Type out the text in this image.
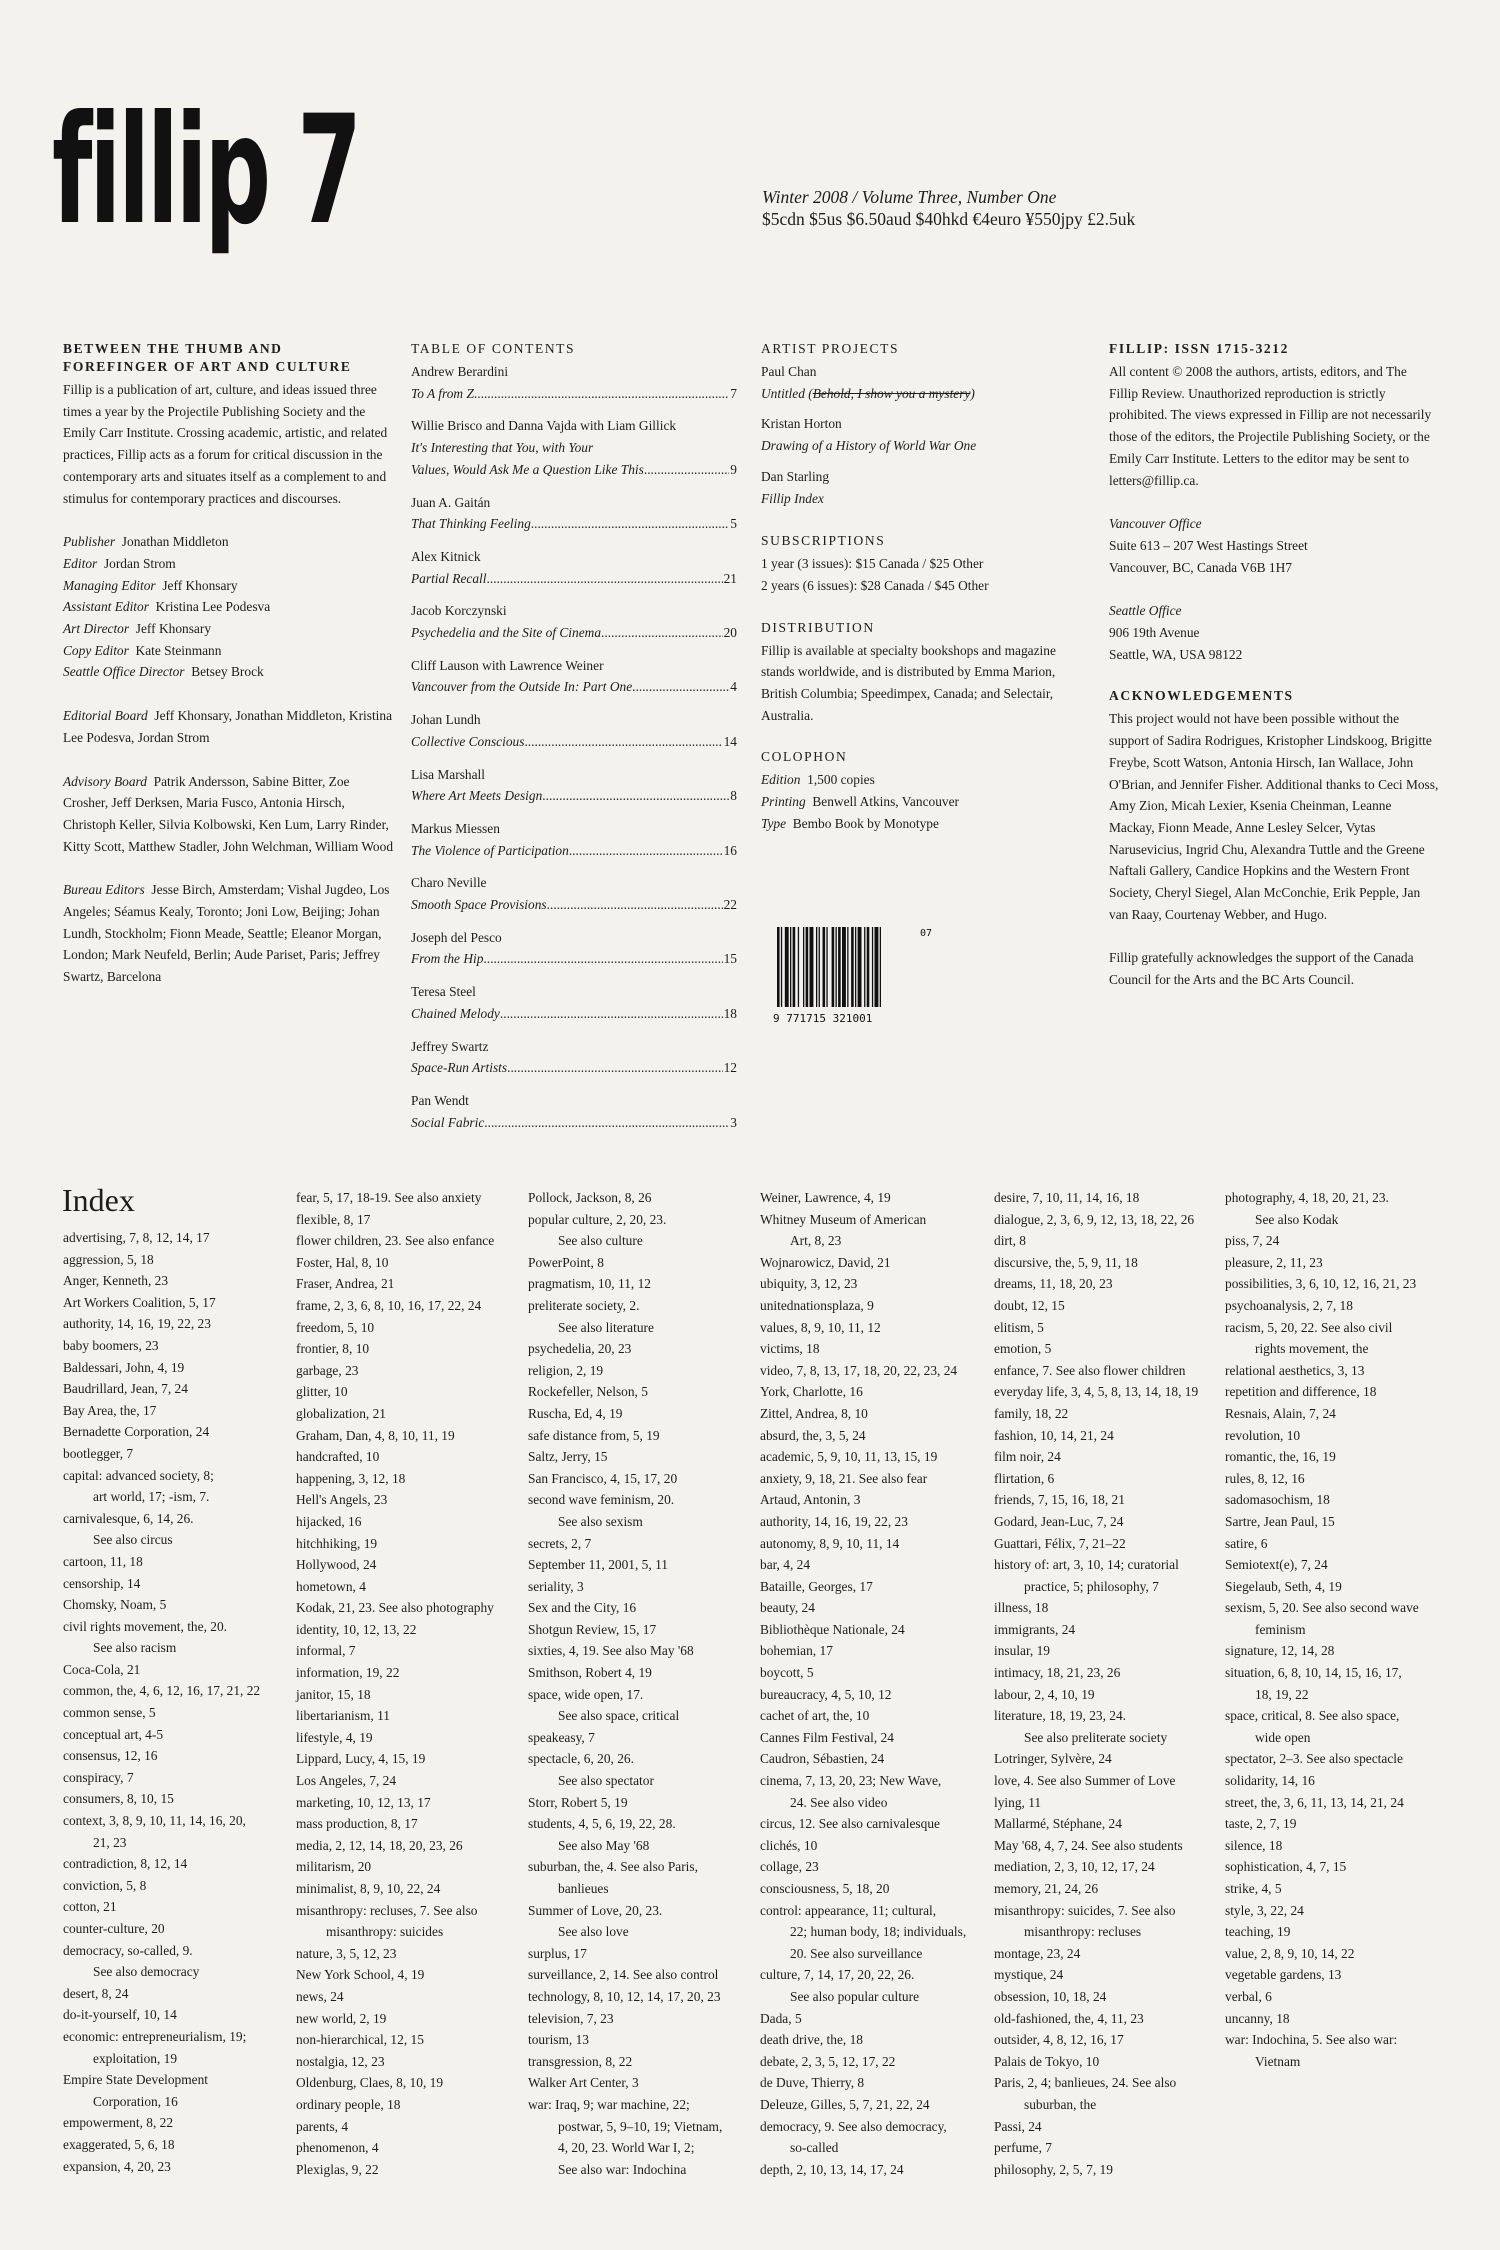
fillip 7	Winter 2008 / Volume Three, Number One
$5cdn $5us $6.50aud $40hkd €4euro ¥550jpy £2.5uk
BETWEEN THE THUMB AND
FOREFINGER OF ART AND CULTURE

Fillip is a publication of art, culture, and ideas issued three times a year by the Projectile Publishing Society and the Emily Carr Institute. Crossing academic, artistic, and related practices, Fillip acts as a forum for critical discussion in the contemporary arts and situates itself as a complement to and stimulus for contemporary practices and discourses.

Publisher Jonathan Middleton

Editor Jordan Strom

Managing Editor Jeff Khonsary

Assistant Editor Kristina Lee Podesva

Art Director Jeff Khonsary

Copy Editor Kate Steinmann

Seattle Office Director Betsey Brock

Editorial Board Jeff Khonsary, Jonathan Middleton, Kristina Lee Podesva, Jordan Strom

Advisory Board Patrik Andersson, Sabine Bitter, Zoe Crosher, Jeff Derksen, Maria Fusco, Antonia Hirsch, Christoph Keller, Silvia Kolbowski, Ken Lum, Larry Rinder, Kitty Scott, Matthew Stadler, John Welchman, William Wood

Bureau Editors Jesse Birch, Amsterdam; Vishal Jugdeo, Los Angeles; Séamus Kealy, Toronto; Joni Low, Beijing; Johan Lundh, Stockholm; Fionn Meade, Seattle; Eleanor Morgan, London; Mark Neufeld, Berlin; Aude Pariset, Paris; Jeffrey Swartz, Barcelona

TABLE OF CONTENTS
Andrew Berardini
To A from Z .....	7
Willie Brisco and Danna Vajda with Liam Gillick
It's Interesting that You, with Your
Values, Would Ask Me a Question Like This .....	9
Juan A. Gaitán
That Thinking Feeling .....	5
Alex Kitnick
Partial Recall .....	21
Jacob Korczynski
Psychedelia and the Site of Cinema .....	20
Cliff Lauson with Lawrence Weiner
Vancouver from the Outside In: Part One .....	4
Johan Lundh
Collective Conscious .....	14
Lisa Marshall
Where Art Meets Design .....	8
Markus Miessen
The Violence of Participation .....	16
Charo Neville
Smooth Space Provisions .....	22
Joseph del Pesco
From the Hip .....	15
Teresa Steel
Chained Melody .....	18
Jeffrey Swartz
Space-Run Artists .....	12
Pan Wendt
Social Fabric .....	3
ARTIST PROJECTS
Paul Chan
Untitled (Behold, I show you a mystery)
Kristan Horton
Drawing of a History of World War One
Dan Starling
Fillip Index
SUBSCRIPTIONS

1 year (3 issues): $15 Canada / $25 Other

2 years (6 issues): $28 Canada / $45 Other

DISTRIBUTION

Fillip is available at specialty bookshops and magazine stands worldwide, and is distributed by Emma Marion, British Columbia; Speedimpex, Canada; and Selectair, Australia.

COLOPHON

Edition 1,500 copies

Printing Benwell Atkins, Vancouver

Type Bembo Book by Monotype

9 771715 321001
07
FILLIP: ISSN 1715-3212

All content © 2008 the authors, artists, editors, and The Fillip Review. Unauthorized reproduction is strictly prohibited. The views expressed in Fillip are not necessarily those of the editors, the Projectile Publishing Society, or the Emily Carr Institute. Letters to the editor may be sent to letters@fillip.ca.

Vancouver Office

Suite 613 – 207 West Hastings Street

Vancouver, BC, Canada V6B 1H7

Seattle Office

906 19th Avenue

Seattle, WA, USA 98122

ACKNOWLEDGEMENTS

This project would not have been possible without the support of Sadira Rodrigues, Kristopher Lindskoog, Brigitte Freybe, Scott Watson, Antonia Hirsch, Ian Wallace, John O'Brian, and Jennifer Fisher. Additional thanks to Ceci Moss, Amy Zion, Micah Lexier, Ksenia Cheinman, Leanne Mackay, Fionn Meade, Anne Lesley Selcer, Vytas Naruseviсius, Ingrid Chu, Alexandra Tuttle and the Greene Naftali Gallery, Candice Hopkins and the Western Front Society, Cheryl Siegel, Alan McConchie, Erik Pepple, Jan van Raay, Courtenay Webber, and Hugo.

Fillip gratefully acknowledges the support of the Canada Council for the Arts and the BC Arts Council.

Index
advertising, 7, 8, 12, 14, 17
aggression, 5, 18
Anger, Kenneth, 23
Art Workers Coalition, 5, 17
authority, 14, 16, 19, 22, 23
baby boomers, 23
Baldessari, John, 4, 19
Baudrillard, Jean, 7, 24
Bay Area, the, 17
Bernadette Corporation, 24
bootlegger, 7
capital: advanced society, 8;
art world, 17; -ism, 7.
carnivalesque, 6, 14, 26.
See also circus
cartoon, 11, 18
censorship, 14
Chomsky, Noam, 5
civil rights movement, the, 20.
See also racism
Coca-Cola, 21
common, the, 4, 6, 12, 16, 17, 21, 22
common sense, 5
conceptual art, 4-5
consensus, 12, 16
conspiracy, 7
consumers, 8, 10, 15
context, 3, 8, 9, 10, 11, 14, 16, 20,
21, 23
contradiction, 8, 12, 14
conviction, 5, 8
cotton, 21
counter-culture, 20
democracy, so-called, 9.
See also democracy
desert, 8, 24
do-it-yourself, 10, 14
economic: entrepreneurialism, 19;
exploitation, 19
Empire State Development
Corporation, 16
empowerment, 8, 22
exaggerated, 5, 6, 18
expansion, 4, 20, 23
fear, 5, 17, 18-19. See also anxiety
flexible, 8, 17
flower children, 23. See also enfance
Foster, Hal, 8, 10
Fraser, Andrea, 21
frame, 2, 3, 6, 8, 10, 16, 17, 22, 24
freedom, 5, 10
frontier, 8, 10
garbage, 23
glitter, 10
globalization, 21
Graham, Dan, 4, 8, 10, 11, 19
handcrafted, 10
happening, 3, 12, 18
Hell's Angels, 23
hijacked, 16
hitchhiking, 19
Hollywood, 24
hometown, 4
Kodak, 21, 23. See also photography
identity, 10, 12, 13, 22
informal, 7
information, 19, 22
janitor, 15, 18
libertarianism, 11
lifestyle, 4, 19
Lippard, Lucy, 4, 15, 19
Los Angeles, 7, 24
marketing, 10, 12, 13, 17
mass production, 8, 17
media, 2, 12, 14, 18, 20, 23, 26
militarism, 20
minimalist, 8, 9, 10, 22, 24
misanthropy: recluses, 7. See also
misanthropy: suicides
nature, 3, 5, 12, 23
New York School, 4, 19
news, 24
new world, 2, 19
non-hierarchical, 12, 15
nostalgia, 12, 23
Oldenburg, Claes, 8, 10, 19
ordinary people, 18
parents, 4
phenomenon, 4
Plexiglas, 9, 22
Pollock, Jackson, 8, 26
popular culture, 2, 20, 23.
See also culture
PowerPoint, 8
pragmatism, 10, 11, 12
preliterate society, 2.
See also literature
psychedelia, 20, 23
religion, 2, 19
Rockefeller, Nelson, 5
Ruscha, Ed, 4, 19
safe distance from, 5, 19
Saltz, Jerry, 15
San Francisco, 4, 15, 17, 20
second wave feminism, 20.
See also sexism
secrets, 2, 7
September 11, 2001, 5, 11
seriality, 3
Sex and the City, 16
Shotgun Review, 15, 17
sixties, 4, 19. See also May '68
Smithson, Robert 4, 19
space, wide open, 17.
See also space, critical
speakeasy, 7
spectacle, 6, 20, 26.
See also spectator
Storr, Robert 5, 19
students, 4, 5, 6, 19, 22, 28.
See also May '68
suburban, the, 4. See also Paris,
banlieues
Summer of Love, 20, 23.
See also love
surplus, 17
surveillance, 2, 14. See also control
technology, 8, 10, 12, 14, 17, 20, 23
television, 7, 23
tourism, 13
transgression, 8, 22
Walker Art Center, 3
war: Iraq, 9; war machine, 22;
postwar, 5, 9–10, 19; Vietnam,
4, 20, 23. World War I, 2;
See also war: Indochina
Weiner, Lawrence, 4, 19
Whitney Museum of American
Art, 8, 23
Wojnarowicz, David, 21
ubiquity, 3, 12, 23
unitednationsplaza, 9
values, 8, 9, 10, 11, 12
victims, 18
video, 7, 8, 13, 17, 18, 20, 22, 23, 24
York, Charlotte, 16
Zittel, Andrea, 8, 10
absurd, the, 3, 5, 24
academic, 5, 9, 10, 11, 13, 15, 19
anxiety, 9, 18, 21. See also fear
Artaud, Antonin, 3
authority, 14, 16, 19, 22, 23
autonomy, 8, 9, 10, 11, 14
bar, 4, 24
Bataille, Georges, 17
beauty, 24
Bibliothèque Nationale, 24
bohemian, 17
boycott, 5
bureaucracy, 4, 5, 10, 12
cachet of art, the, 10
Cannes Film Festival, 24
Caudron, Sébastien, 24
cinema, 7, 13, 20, 23; New Wave,
24. See also video
circus, 12. See also carnivalesque
clichés, 10
collage, 23
consciousness, 5, 18, 20
control: appearance, 11; cultural,
22; human body, 18; individuals,
20. See also surveillance
culture, 7, 14, 17, 20, 22, 26.
See also popular culture
Dada, 5
death drive, the, 18
debate, 2, 3, 5, 12, 17, 22
de Duve, Thierry, 8
Deleuze, Gilles, 5, 7, 21, 22, 24
democracy, 9. See also democracy,
so-called
depth, 2, 10, 13, 14, 17, 24
desire, 7, 10, 11, 14, 16, 18
dialogue, 2, 3, 6, 9, 12, 13, 18, 22, 26
dirt, 8
discursive, the, 5, 9, 11, 18
dreams, 11, 18, 20, 23
doubt, 12, 15
elitism, 5
emotion, 5
enfance, 7. See also flower children
everyday life, 3, 4, 5, 8, 13, 14, 18, 19
family, 18, 22
fashion, 10, 14, 21, 24
film noir, 24
flirtation, 6
friends, 7, 15, 16, 18, 21
Godard, Jean-Luc, 7, 24
Guattari, Félix, 7, 21–22
history of: art, 3, 10, 14; curatorial
practice, 5; philosophy, 7
illness, 18
immigrants, 24
insular, 19
intimacy, 18, 21, 23, 26
labour, 2, 4, 10, 19
literature, 18, 19, 23, 24.
See also preliterate society
Lotringer, Sylvère, 24
love, 4. See also Summer of Love
lying, 11
Mallarmé, Stéphane, 24
May '68, 4, 7, 24. See also students
mediation, 2, 3, 10, 12, 17, 24
memory, 21, 24, 26
misanthropy: suicides, 7. See also
misanthropy: recluses
montage, 23, 24
mystique, 24
obsession, 10, 18, 24
old-fashioned, the, 4, 11, 23
outsider, 4, 8, 12, 16, 17
Palais de Tokyo, 10
Paris, 2, 4; banlieues, 24. See also
suburban, the
Passi, 24
perfume, 7
philosophy, 2, 5, 7, 19
photography, 4, 18, 20, 21, 23.
See also Kodak
piss, 7, 24
pleasure, 2, 11, 23
possibilities, 3, 6, 10, 12, 16, 21, 23
psychoanalysis, 2, 7, 18
racism, 5, 20, 22. See also civil
rights movement, the
relational aesthetics, 3, 13
repetition and difference, 18
Resnais, Alain, 7, 24
revolution, 10
romantic, the, 16, 19
rules, 8, 12, 16
sadomasochism, 18
Sartre, Jean Paul, 15
satire, 6
Semiotext(e), 7, 24
Siegelaub, Seth, 4, 19
sexism, 5, 20. See also second wave
feminism
signature, 12, 14, 28
situation, 6, 8, 10, 14, 15, 16, 17,
18, 19, 22
space, critical, 8. See also space,
wide open
spectator, 2–3. See also spectacle
solidarity, 14, 16
street, the, 3, 6, 11, 13, 14, 21, 24
taste, 2, 7, 19
silence, 18
sophistication, 4, 7, 15
strike, 4, 5
style, 3, 22, 24
teaching, 19
value, 2, 8, 9, 10, 14, 22
vegetable gardens, 13
verbal, 6
uncanny, 18
war: Indochina, 5. See also war:
Vietnam
